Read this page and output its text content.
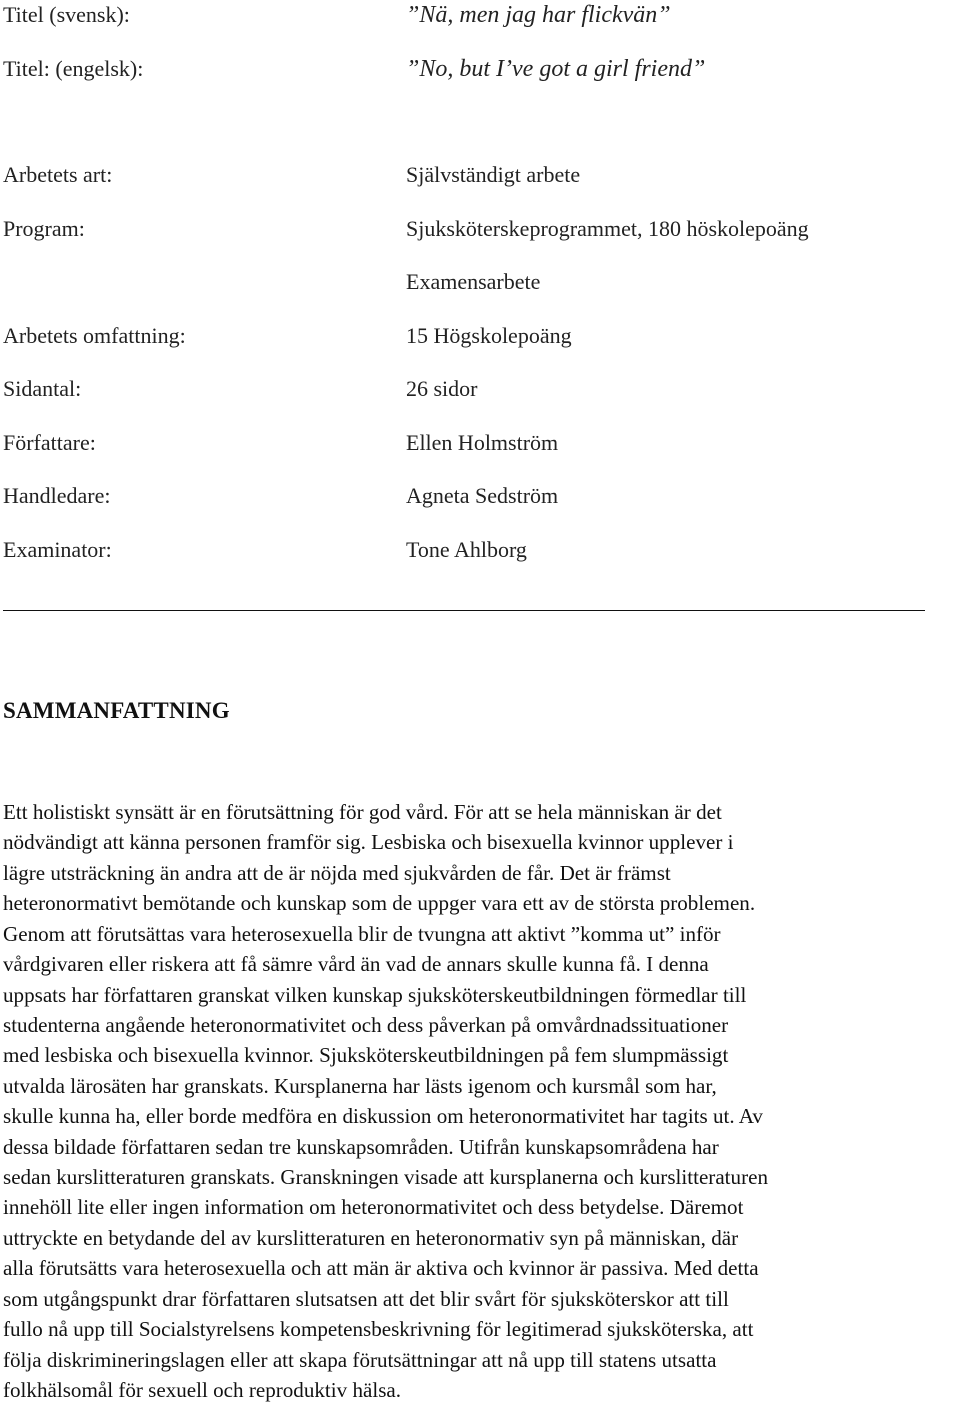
Titel (svensk):	”Nä, men jag har flickvän”
Titel: (engelsk):	”No, but I’ve got a girl friend”
Arbetets art:	Självständigt arbete
Program:	Sjuksköterskeprogrammet, 180 höskolepoäng
Examensarbete
Arbetets omfattning:	15 Högskolepoäng
Sidantal:	26 sidor
Författare:	Ellen Holmström
Handledare:	Agneta Sedström
Examinator:	Tone Ahlborg
SAMMANFATTNING
Ett holistiskt synsätt är en förutsättning för god vård. För att se hela människan är det
nödvändigt att känna personen framför sig. Lesbiska och bisexuella kvinnor upplever i
lägre utsträckning än andra att de är nöjda med sjukvården de får. Det är främst
heteronormativt bemötande och kunskap som de uppger vara ett av de största problemen.
Genom att förutsättas vara heterosexuella blir de tvungna att aktivt ”komma ut” inför
vårdgivaren eller riskera att få sämre vård än vad de annars skulle kunna få. I denna
uppsats har författaren granskat vilken kunskap sjuksköterskeutbildningen förmedlar till
studenterna angående heteronormativitet och dess påverkan på omvårdnadssituationer
med lesbiska och bisexuella kvinnor. Sjuksköterskeutbildningen på fem slumpmässigt
utvalda lärosäten har granskats. Kursplanerna har lästs igenom och kursmål som har,
skulle kunna ha, eller borde medföra en diskussion om heteronormativitet har tagits ut. Av
dessa bildade författaren sedan tre kunskapsområden. Utifrån kunskapsområdena har
sedan kurslitteraturen granskats. Granskningen visade att kursplanerna och kurslitteraturen
innehöll lite eller ingen information om heteronormativitet och dess betydelse. Däremot
uttryckte en betydande del av kurslitteraturen en heteronormativ syn på människan, där
alla förutsätts vara heterosexuella och att män är aktiva och kvinnor är passiva. Med detta
som utgångspunkt drar författaren slutsatsen att det blir svårt för sjuksköterskor att till
fullo nå upp till Socialstyrelsens kompetensbeskrivning för legitimerad sjuksköterska, att
följa diskrimineringslagen eller att skapa förutsättningar att nå upp till statens utsatta
folkhälsomål för sexuell och reproduktiv hälsa.
